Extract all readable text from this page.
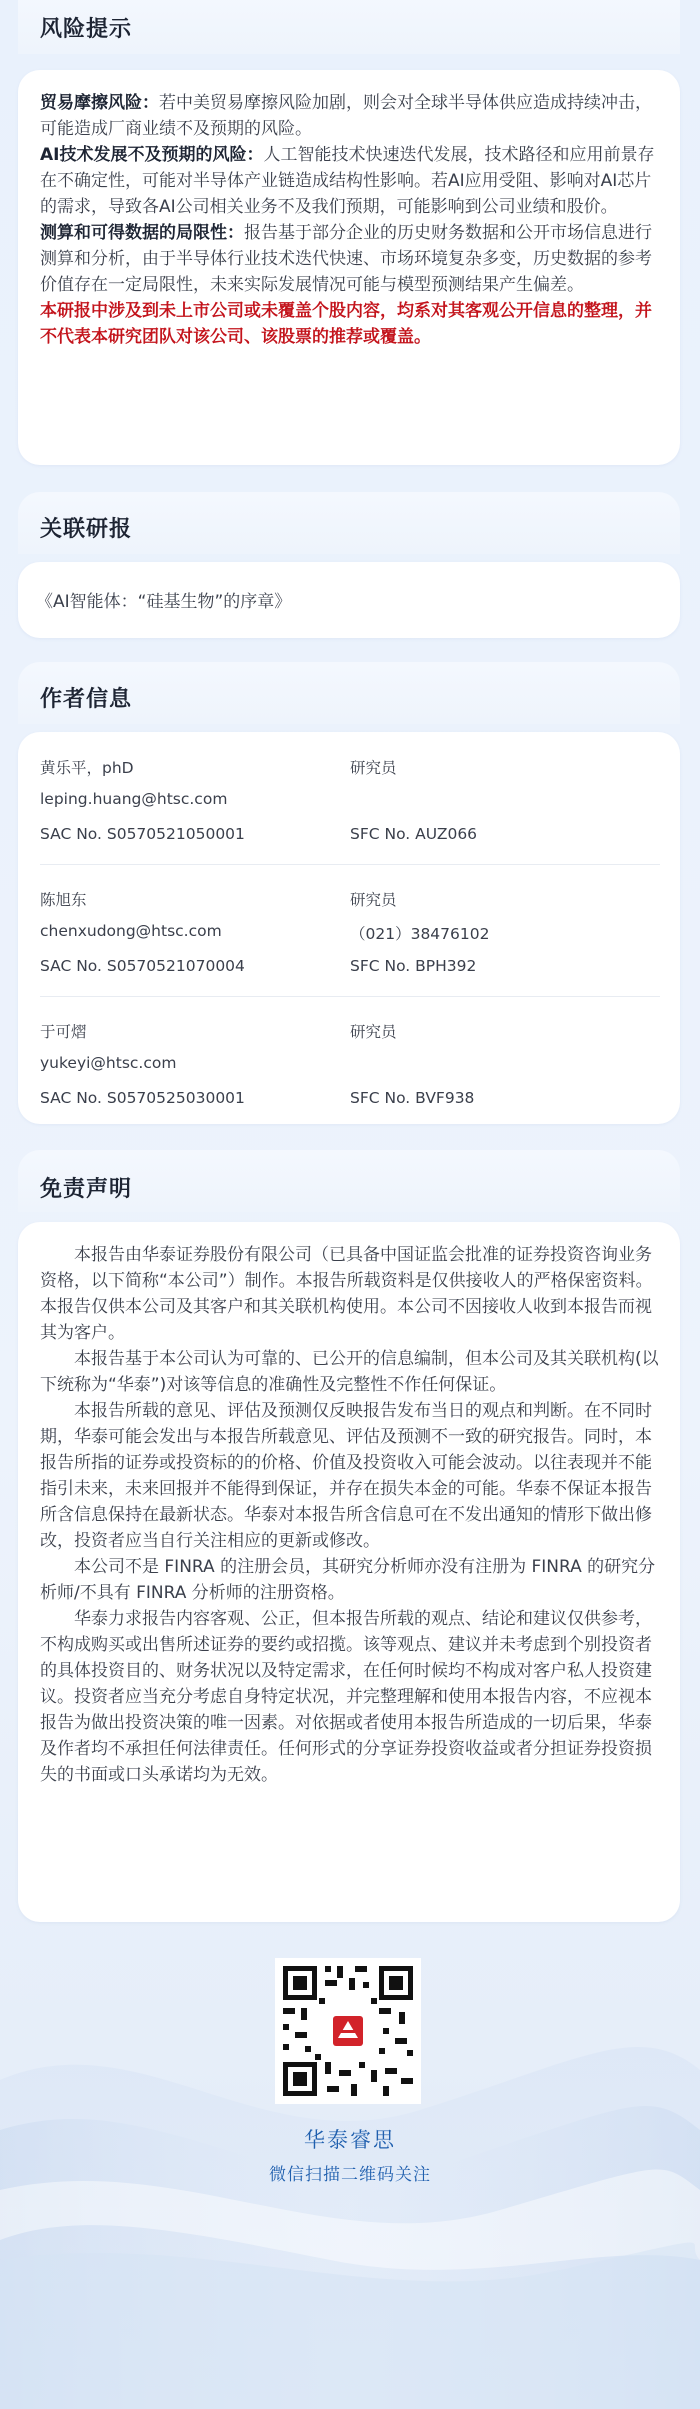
风险提示

贸易摩擦风险：若中美贸易摩擦风险加剧，则会对全球半导体供应造成持续冲击，可能造成厂商业绩不及预期的风险。

AI技术发展不及预期的风险：人工智能技术快速迭代发展，技术路径和应用前景存在不确定性，可能对半导体产业链造成结构性影响。若AI应用受阻、影响对AI芯片的需求，导致各AI公司相关业务不及我们预期，可能影响到公司业绩和股价。

测算和可得数据的局限性：报告基于部分企业的历史财务数据和公开市场信息进行测算和分析，由于半导体行业技术迭代快速、市场环境复杂多变，历史数据的参考价值存在一定局限性，未来实际发展情况可能与模型预测结果产生偏差。

本研报中涉及到未上市公司或未覆盖个股内容，均系对其客观公开信息的整理，并不代表本研究团队对该公司、该股票的推荐或覆盖。

关联研报
《AI智能体：“硅基生物”的序章》
作者信息
黄乐平，phD	研究员
leping.huang@htsc.com
SAC No. S0570521050001	SFC No. AUZ066
陈旭东	研究员
chenxudong@htsc.com	（021）38476102
SAC No. S0570521070004	SFC No. BPH392
于可熠	研究员
yukeyi@htsc.com
SAC No. S0570525030001	SFC No. BVF938
免责声明

本报告由华泰证券股份有限公司（已具备中国证监会批准的证券投资咨询业务资格，以下简称“本公司”）制作。本报告所载资料是仅供接收人的严格保密资料。本报告仅供本公司及其客户和其关联机构使用。本公司不因接收人收到本报告而视其为客户。

本报告基于本公司认为可靠的、已公开的信息编制，但本公司及其关联机构(以下统称为“华泰”)对该等信息的准确性及完整性不作任何保证。

本报告所载的意见、评估及预测仅反映报告发布当日的观点和判断。在不同时期，华泰可能会发出与本报告所载意见、评估及预测不一致的研究报告。同时，本报告所指的证券或投资标的的价格、价值及投资收入可能会波动。以往表现并不能指引未来，未来回报并不能得到保证，并存在损失本金的可能。华泰不保证本报告所含信息保持在最新状态。华泰对本报告所含信息可在不发出通知的情形下做出修改，投资者应当自行关注相应的更新或修改。

本公司不是 FINRA 的注册会员，其研究分析师亦没有注册为 FINRA 的研究分析师/不具有 FINRA 分析师的注册资格。

华泰力求报告内容客观、公正，但本报告所载的观点、结论和建议仅供参考，不构成购买或出售所述证券的要约或招揽。该等观点、建议并未考虑到个别投资者的具体投资目的、财务状况以及特定需求，在任何时候均不构成对客户私人投资建议。投资者应当充分考虑自身特定状况，并完整理解和使用本报告内容，不应视本报告为做出投资决策的唯一因素。对依据或者使用本报告所造成的一切后果，华泰及作者均不承担任何法律责任。任何形式的分享证券投资收益或者分担证券投资损失的书面或口头承诺均为无效。

华泰睿思
微信扫描二维码关注
